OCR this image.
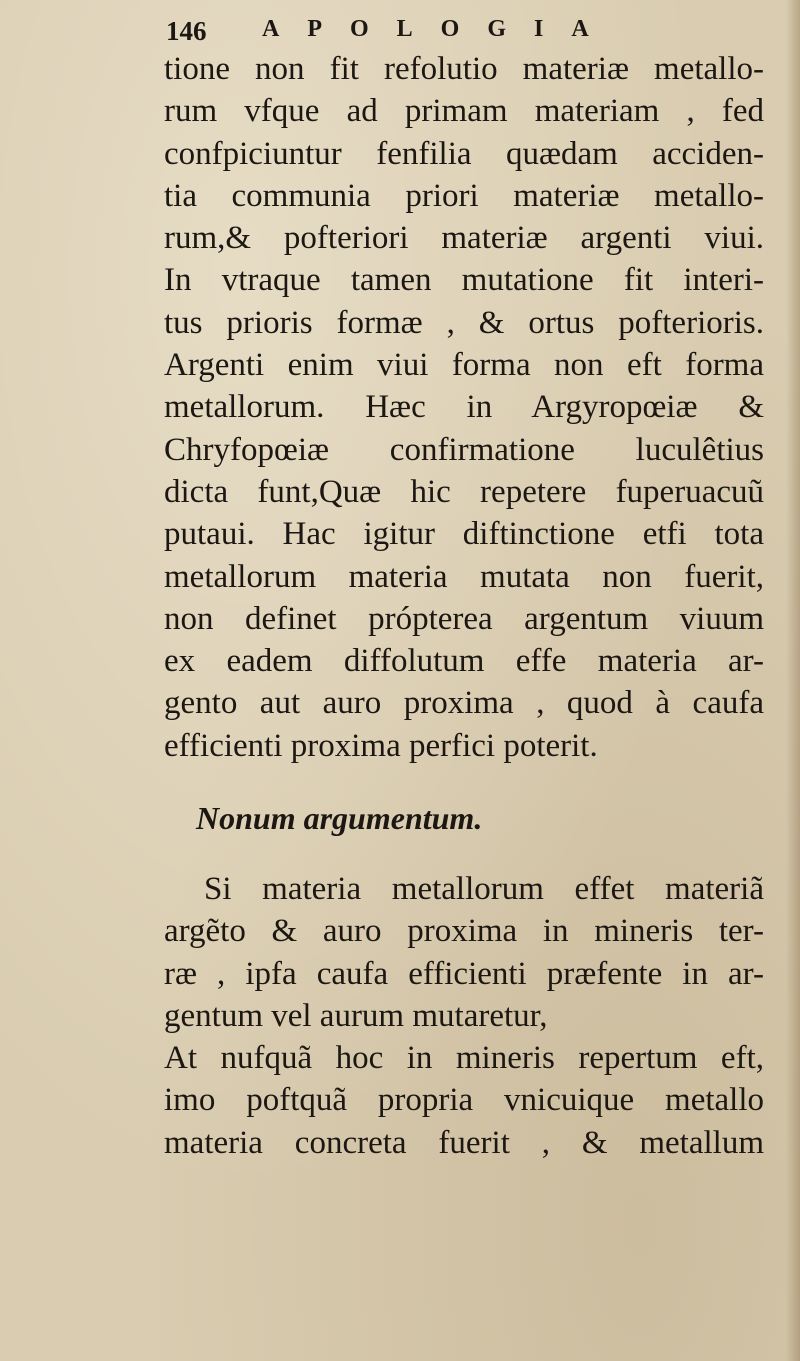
146 APOLOGIA
tione non fit refolutio materiæ metallo-
rum vfque ad primam materiam , fed
confpiciuntur fenfilia quædam acciden-
tia communia priori materiæ metallo-
rum,& pofteriori materiæ argenti viui.
In vtraque tamen mutatione fit interi-
tus prioris formæ , & ortus pofterioris.
Argenti enim viui forma non eft forma
metallorum. Hæc in Argyropœiæ &
Chryfopœiæ confirmatione luculêtius
dicta funt,Quæ hic repetere fuperuacuũ
putaui. Hac igitur diftinctione etfi tota
metallorum materia mutata non fuerit,
non definet própterea argentum viuum
ex eadem diffolutum effe materia ar-
gento aut auro proxima , quod à caufa
efficienti proxima perfici poterit.
Nonum argumentum.
Si materia metallorum effet materiã
argẽto & auro proxima in mineris ter-
ræ , ipfa caufa efficienti præfente in ar-
gentum vel aurum mutaretur,
At nufquã hoc in mineris repertum eft,
imo poftquã propria vnicuique metallo
materia concreta fuerit , & metallum
